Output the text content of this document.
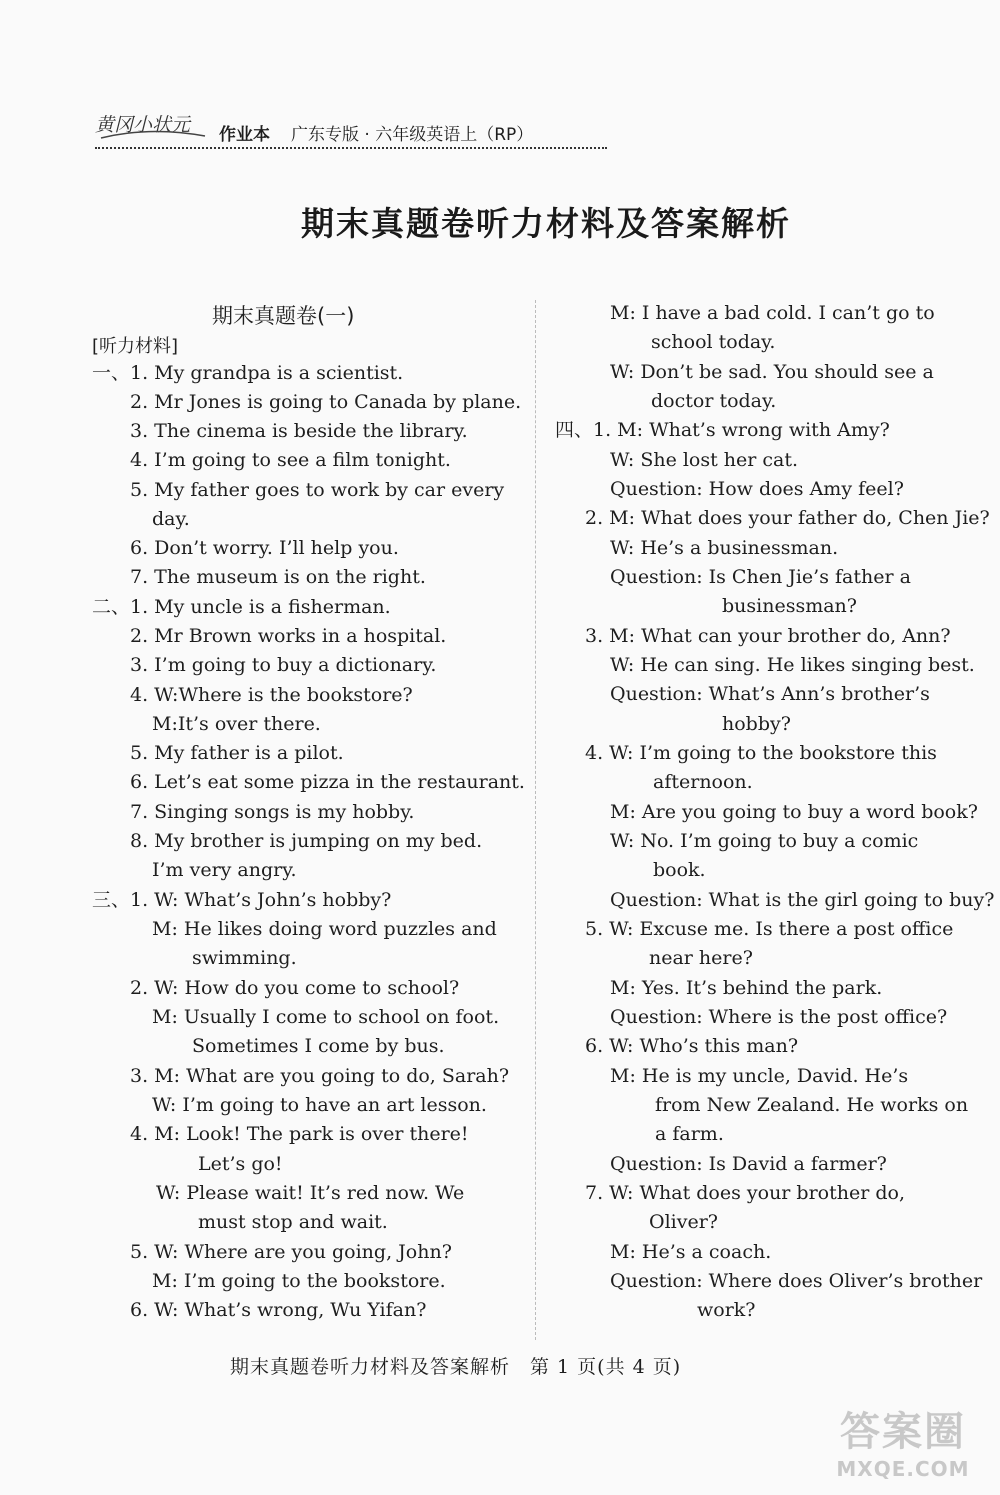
黄冈小状元 作业本 广东专版 · 六年级英语上（RP）
期末真题卷听力材料及答案解析
期末真题卷(一)
[听力材料]
一、1. My grandpa is a scientist.
2. Mr Jones is going to Canada by plane.
3. The cinema is beside the library.
4. I’m going to see a film tonight.
5. My father goes to work by car every
day.
6. Don’t worry. I’ll help you.
7. The museum is on the right.
二、1. My uncle is a fisherman.
2. Mr Brown works in a hospital.
3. I’m going to buy a dictionary.
4. W:Where is the bookstore?
M:It’s over there.
5. My father is a pilot.
6. Let’s eat some pizza in the restaurant.
7. Singing songs is my hobby.
8. My brother is jumping on my bed.
I’m very angry.
三、1. W: What’s John’s hobby?
M: He likes doing word puzzles and
swimming.
2. W: How do you come to school?
M: Usually I come to school on foot.
Sometimes I come by bus.
3. M: What are you going to do, Sarah?
W: I’m going to have an art lesson.
4. M: Look! The park is over there!
Let’s go!
W: Please wait! It’s red now. We
must stop and wait.
5. W: Where are you going, John?
M: I’m going to the bookstore.
6. W: What’s wrong, Wu Yifan?
M: I have a bad cold. I can’t go to
school today.
W: Don’t be sad. You should see a
doctor today.
四、1. M: What’s wrong with Amy?
W: She lost her cat.
Question: How does Amy feel?
2. M: What does your father do, Chen Jie?
W: He’s a businessman.
Question: Is Chen Jie’s father a
businessman?
3. M: What can your brother do, Ann?
W: He can sing. He likes singing best.
Question: What’s Ann’s brother’s
hobby?
4. W: I’m going to the bookstore this
afternoon.
M: Are you going to buy a word book?
W: No. I’m going to buy a comic
book.
Question: What is the girl going to buy?
5. W: Excuse me. Is there a post office
near here?
M: Yes. It’s behind the park.
Question: Where is the post office?
6. W: Who’s this man?
M: He is my uncle, David. He’s
from New Zealand. He works on
a farm.
Question: Is David a farmer?
7. W: What does your brother do,
Oliver?
M: He’s a coach.
Question: Where does Oliver’s brother
work?
期末真题卷听力材料及答案解析　第 1 页(共 4 页)
答案圈
MXQE.COM
